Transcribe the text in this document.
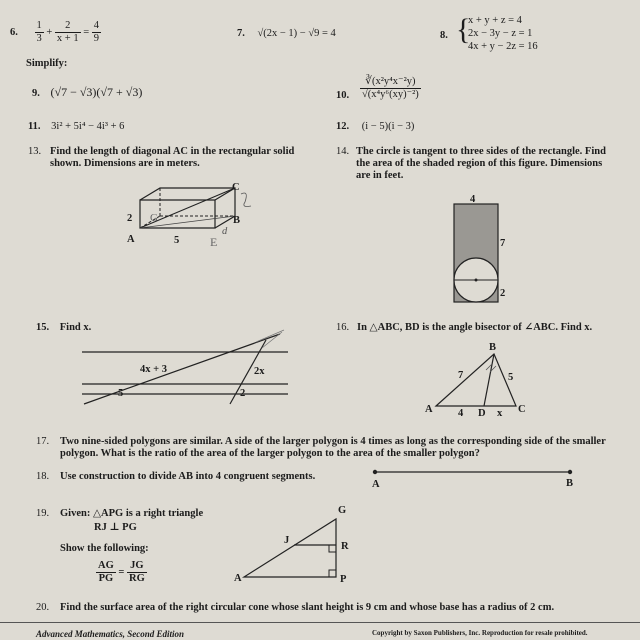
6. $\frac{1}{3} + \frac{2}{x + 1} = \frac{4}{9}$	7. √(2x − 1) − √9 = 4	8. {
x + y + z = 4
2x − 3y − z = 1
4x + y − 2z = 16
Simplify:
9. (√7 − √3)(√7 + √3)	10. $\frac{\text{∛(x²y⁴x⁻²y)}}{\text{√(x⁴y⁶(xy)⁻²)}}$
11. 3i² + 5i⁴ − 4i³ + 6	12. (i − 5)(i − 3)
13. Find the length of diagonal AC in the rectangular solid shown. Dimensions are in meters.
C
B
A
2
5
d
E
G
14. The circle is tangent to three sides of the rectangle. Find the area of the shaded region of this figure. Dimensions are in feet.
4
7
2
15. Find x.
4x + 3	2x
5	2
16. In △ABC, BD is the angle bisector of ∠ABC. Find x.
B
A	C
D x
7	5
4
17. Two nine-sided polygons are similar. A side of the larger polygon is 4 times as long as the corresponding side of the smaller polygon. What is the ratio of the area of the larger polygon to the area of the smaller polygon?
18. Use construction to divide AB into 4 congruent segments.
A	B
19. Given: △APG is a right triangle
RJ ⊥ PG
Show the following:
$\frac{AG}{PG} = \frac{JG}{RG}$
G
J
R
A	P
20. Find the surface area of the right circular cone whose slant height is 9 cm and whose base has a radius of 2 cm.
Advanced Mathematics, Second Edition	Copyright by Saxon Publishers, Inc. Reproduction for resale prohibited.
